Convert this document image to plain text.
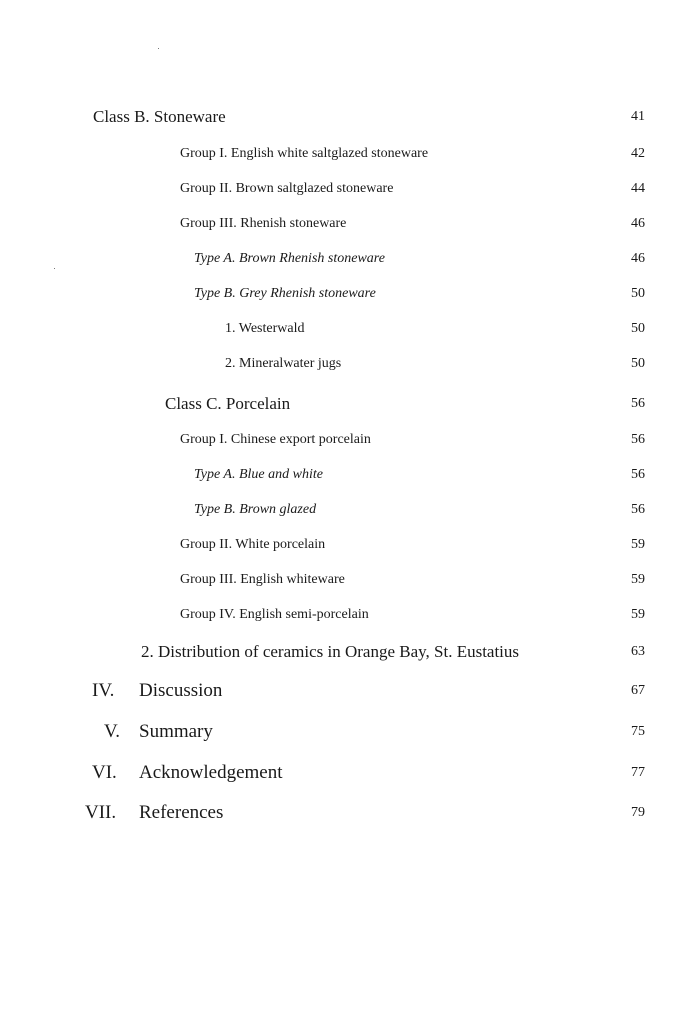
Class B. Stoneware	41
Group I. English white saltglazed stoneware	42
Group II. Brown saltglazed stoneware	44
Group III. Rhenish stoneware	46
Type A. Brown Rhenish stoneware	46
Type B. Grey Rhenish stoneware	50
1. Westerwald	50
2. Mineralwater jugs	50
Class C. Porcelain	56
Group I. Chinese export porcelain	56
Type A. Blue and white	56
Type B. Brown glazed	56
Group II. White porcelain	59
Group III. English whiteware	59
Group IV. English semi-porcelain	59
2. Distribution of ceramics in Orange Bay, St. Eustatius	63
IV. Discussion	67
V. Summary	75
VI. Acknowledgement	77
VII. References	79
